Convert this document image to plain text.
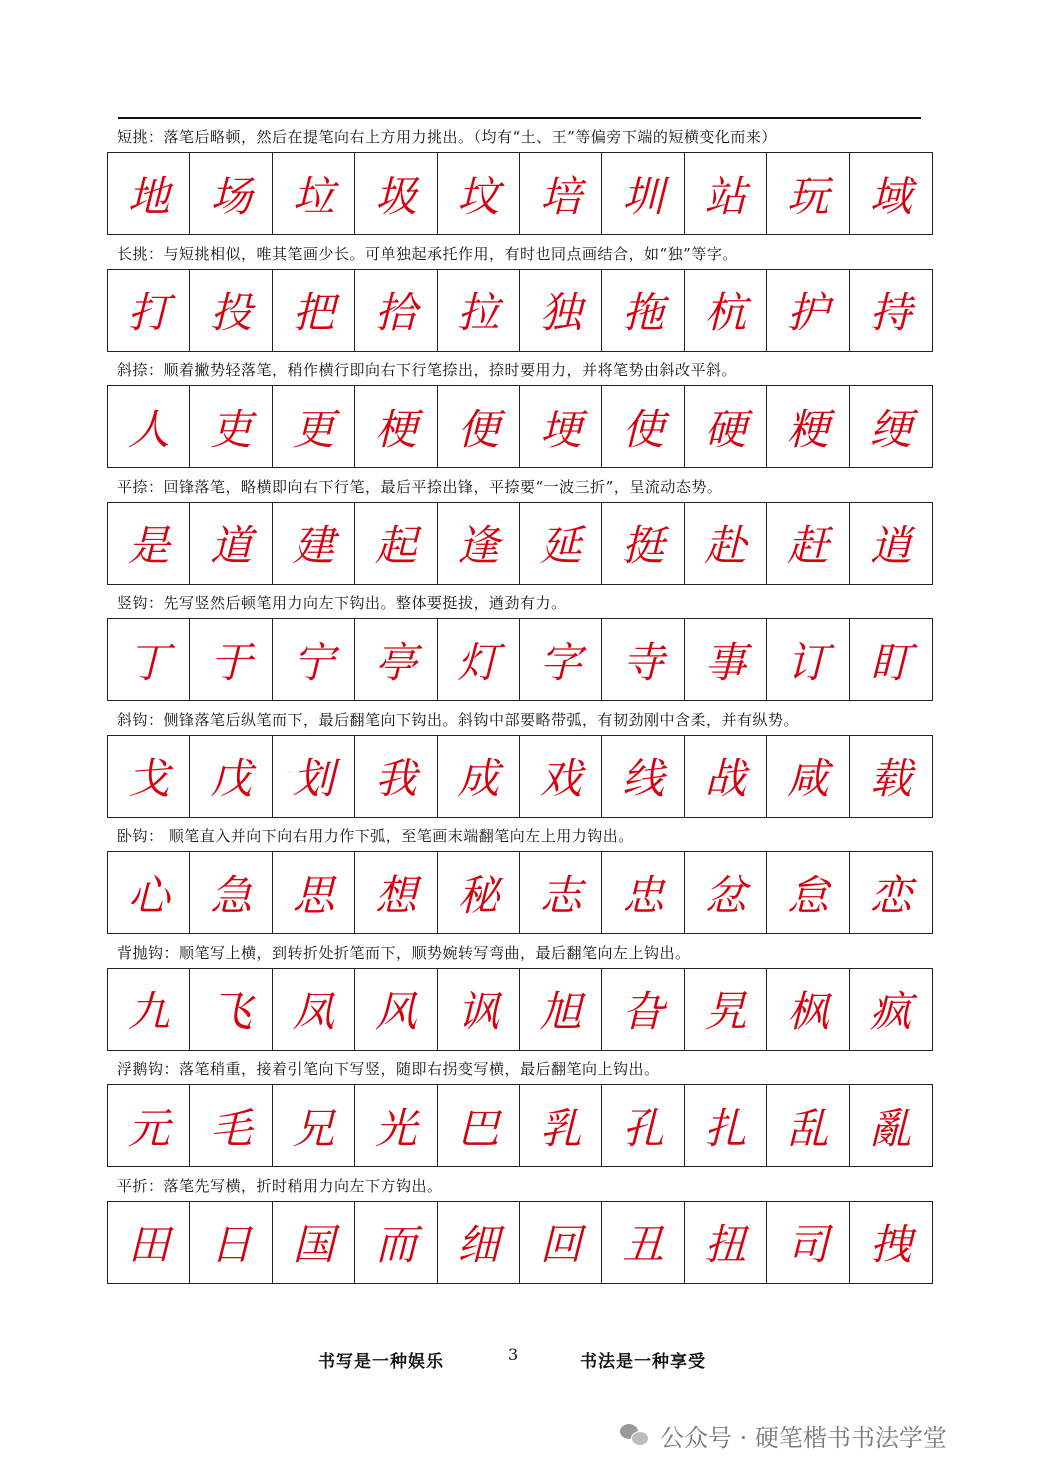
短挑：落笔后略顿，然后在提笔向右上方用力挑出。（均有“土、王”等偏旁下端的短横变化而来）
地 场 垃 圾 坟 培 圳 站 玩 域
长挑：与短挑相似，唯其笔画少长。可单独起承托作用，有时也同点画结合，如“独”等字。
打 投 把 拾 拉 独 拖 杭 护 持
斜捺：顺着撇势轻落笔，稍作横行即向右下行笔捺出，捺时要用力，并将笔势由斜改平斜。
人 吏 更 梗 便 埂 使 硬 粳 绠
平捺：回锋落笔，略横即向右下行笔，最后平捺出锋，平捺要“一波三折”，呈流动态势。
是 道 建 起 逢 延 挺 赴 赶 逍
竖钩：先写竖然后顿笔用力向左下钩出。整体要挺拔，遒劲有力。
丁 于 宁 亭 灯 字 寺 事 订 盯
斜钩：侧锋落笔后纵笔而下，最后翻笔向下钩出。斜钩中部要略带弧，有韧劲刚中含柔，并有纵势。
戈 戊 划 我 成 戏 线 战 咸 载
卧钩： 顺笔直入并向下向右用力作下弧，至笔画末端翻笔向左上用力钩出。
心 急 思 想 秘 志 忠 忿 怠 恋
背抛钩：顺笔写上横，到转折处折笔而下，顺势婉转写弯曲，最后翻笔向左上钩出。
九 飞 凤 风 讽 旭 旮 旯 枫 疯
浮鹅钩：落笔稍重，接着引笔向下写竖，随即右拐变写横，最后翻笔向上钩出。
元 毛 兄 光 巴 乳 孔 扎 乱 亂
平折：落笔先写横，折时稍用力向左下方钩出。
田 日 国 而 细 回 丑 扭 司 拽
书写是一种娱乐	3	书法是一种享受
公众号 · 硬笔楷书书法学堂
